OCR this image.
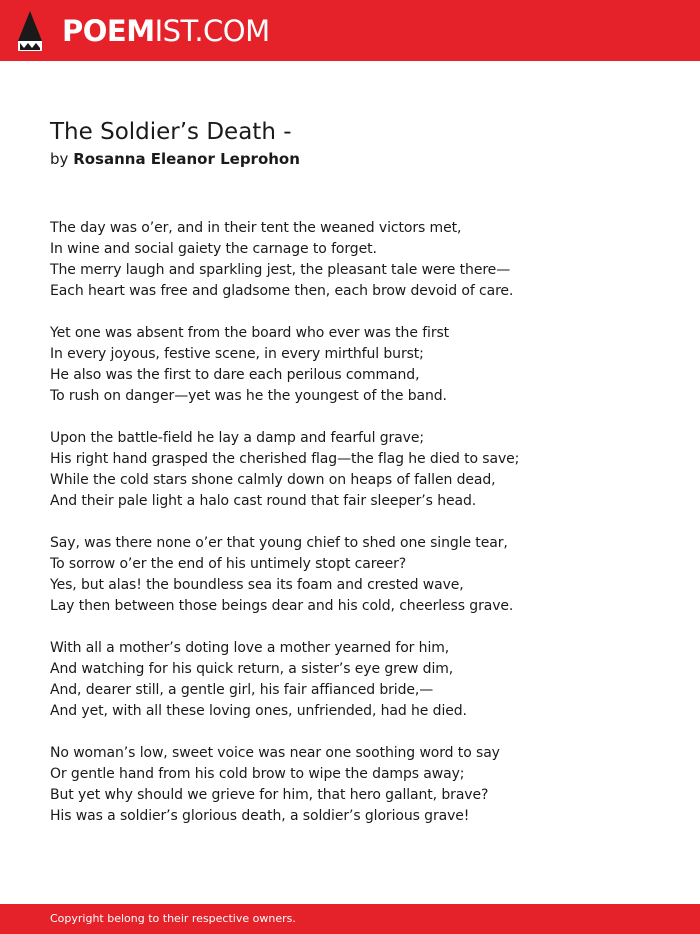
POEMIST.COM
The Soldier’s Death -
by Rosanna Eleanor Leprohon
The day was o’er, and in their tent the weaned victors met,
In wine and social gaiety the carnage to forget.
The merry laugh and sparkling jest, the pleasant tale were there—
Each heart was free and gladsome then, each brow devoid of care.
Yet one was absent from the board who ever was the first
In every joyous, festive scene, in every mirthful burst;
He also was the first to dare each perilous command,
To rush on danger—yet was he the youngest of the band.
Upon the battle-field he lay a damp and fearful grave;
His right hand grasped the cherished flag—the flag he died to save;
While the cold stars shone calmly down on heaps of fallen dead,
And their pale light a halo cast round that fair sleeper’s head.
Say, was there none o’er that young chief to shed one single tear,
To sorrow o’er the end of his untimely stopt career?
Yes, but alas! the boundless sea its foam and crested wave,
Lay then between those beings dear and his cold, cheerless grave.
With all a mother’s doting love a mother yearned for him,
And watching for his quick return, a sister’s eye grew dim,
And, dearer still, a gentle girl, his fair affianced bride,—
And yet, with all these loving ones, unfriended, had he died.
No woman’s low, sweet voice was near one soothing word to say
Or gentle hand from his cold brow to wipe the damps away;
But yet why should we grieve for him, that hero gallant, brave?
His was a soldier’s glorious death, a soldier’s glorious grave!
Copyright belong to their respective owners.
